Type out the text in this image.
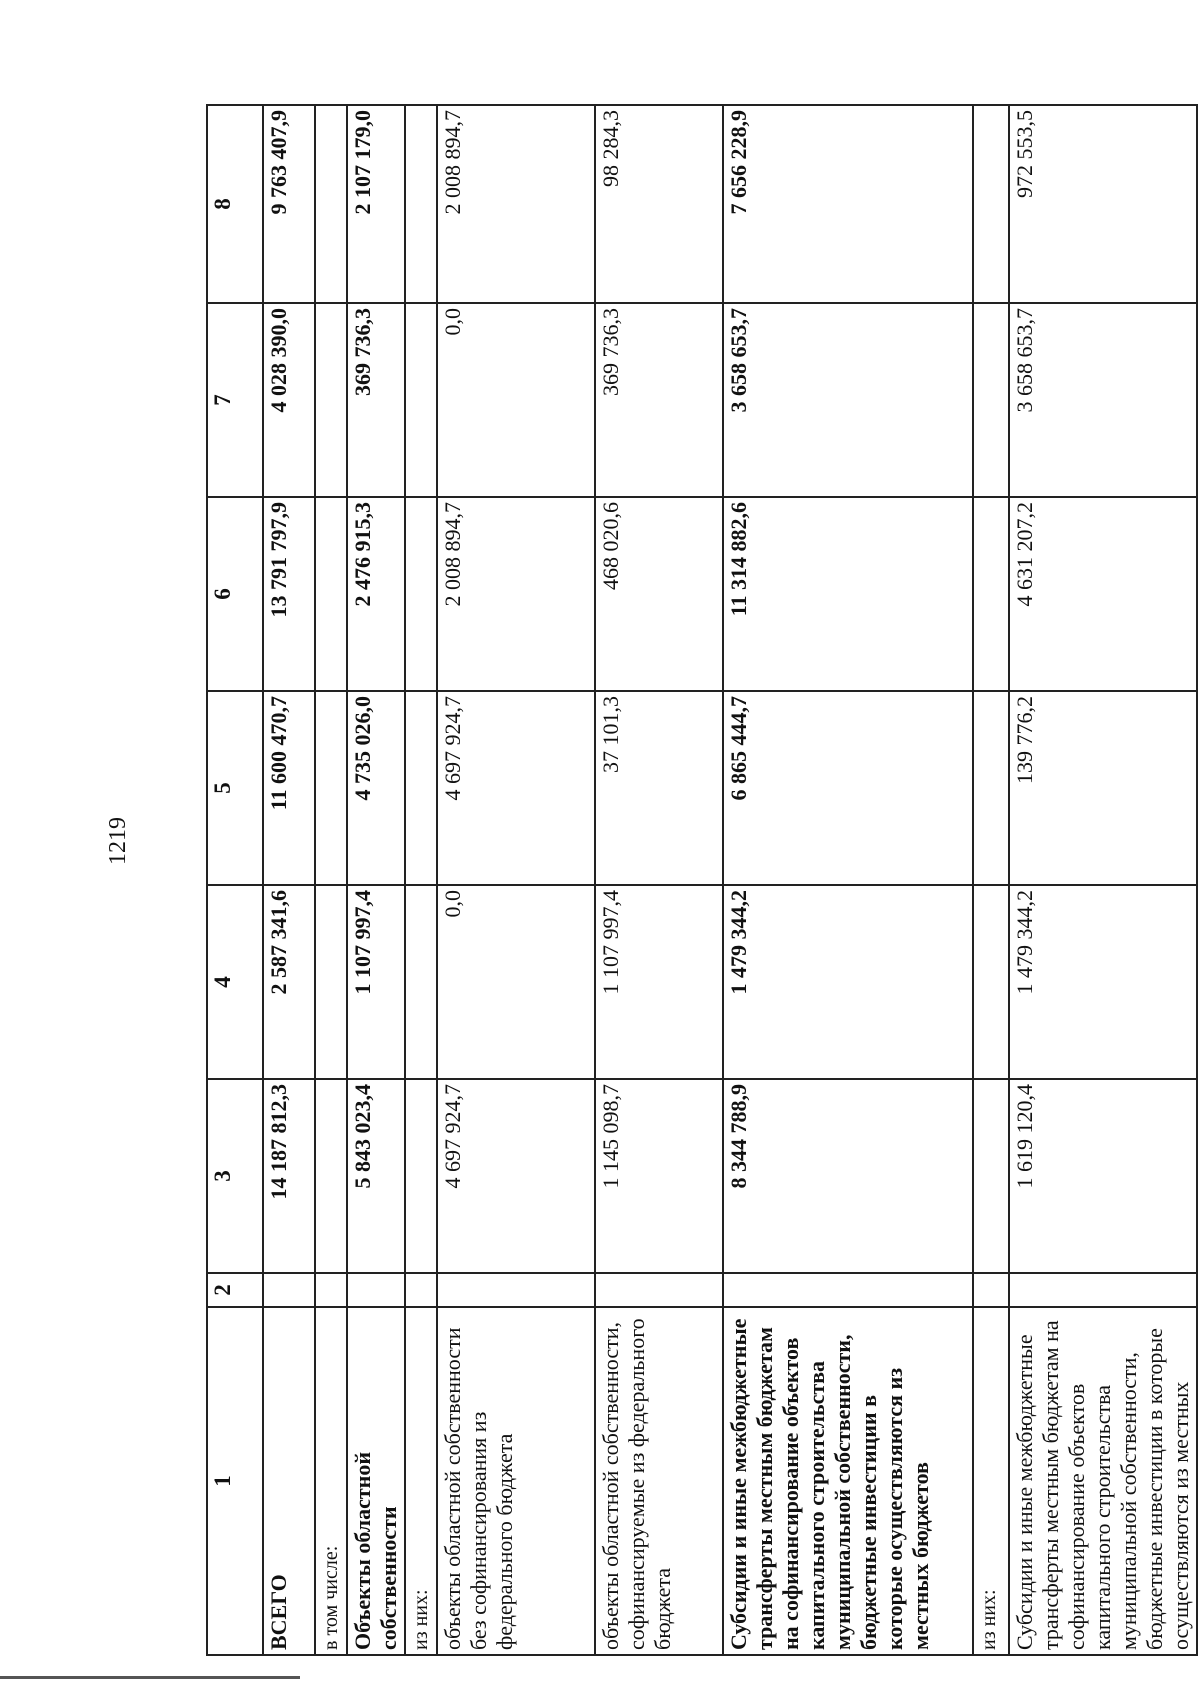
1219
1	2	3	4	5	6	7	8
ВСЕГО		14 187 812,3	2 587 341,6	11 600 470,7	13 791 797,9	4 028 390,0	9 763 407,9
в том числе:							
Объекты областной собственности		5 843 023,4	1 107 997,4	4 735 026,0	2 476 915,3	369 736,3	2 107 179,0
из них:							
объекты областной собственности без софинансирования из федерального бюджета		4 697 924,7	0,0	4 697 924,7	2 008 894,7	0,0	2 008 894,7
объекты областной собственности, софинансируемые из федерального бюджета		1 145 098,7	1 107 997,4	37 101,3	468 020,6	369 736,3	98 284,3
Субсидии и иные межбюджетные трансферты местным бюджетам на софинансирование объектов капитального строительства муниципальной собственности, бюджетные инвестиции в которые осуществляются из местных бюджетов		8 344 788,9	1 479 344,2	6 865 444,7	11 314 882,6	3 658 653,7	7 656 228,9
из них:							
Субсидии и иные межбюджетные трансферты местным бюджетам на софинансирование объектов капитального строительства муниципальной собственности, бюджетные инвестиции в которые осуществляются из местных		1 619 120,4	1 479 344,2	139 776,2	4 631 207,2	3 658 653,7	972 553,5
